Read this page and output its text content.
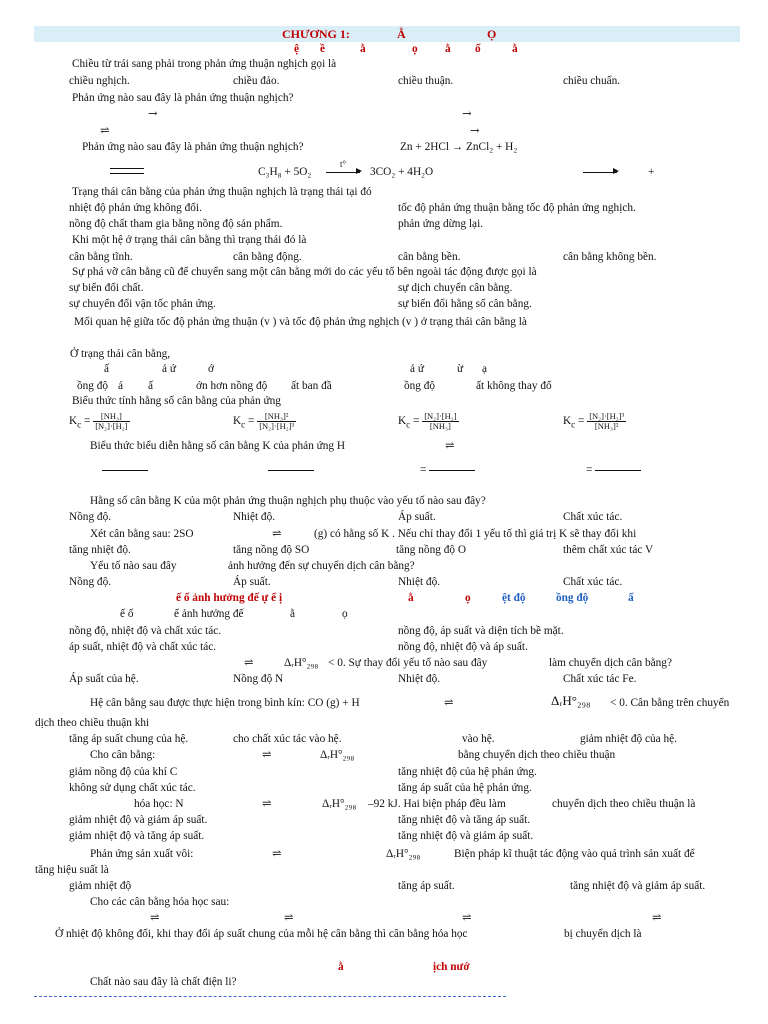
CHƯƠNG 1:	Ằ	Ọ
ệ ề	ằ	ọ ằ ố	ằ
Chiều từ trái sang phải trong phản ứng thuận nghịch gọi là
chiều nghịch.	chiều đảo.	chiều thuận.	chiều chuẩn.
Phản ứng nào sau đây là phản ứng thuận nghịch?
→	→
⇌	→
Phản ứng nào sau đây là phản ứng thuận nghịch?	Zn + 2HCl → ZnCl₂ + H₂
C₃H₈ + 5O₂
t°
→ 3CO₂ + 4H₂O	+
Trạng thái cân bằng của phản ứng thuận nghịch là trạng thái tại đó
nhiệt độ phản ứng không đổi.	tốc độ phản ứng thuận bằng tốc độ phản ứng nghịch.
nồng độ chất tham gia bằng nồng độ sản phẩm.	phản ứng dừng lại.
Khi một hệ ở trạng thái cân bằng thì trạng thái đó là
cân bằng tĩnh.	cân bằng động.	cân bằng bền.	cân bằng không bền.
Sự phá vỡ cân bằng cũ để chuyển sang một cân bằng mới do các yếu tố bên ngoài tác động được gọi là
sự biến đổi chất.	sự dịch chuyển cân bằng.
sự chuyển đổi vận tốc phản ứng.	sự biến đổi hằng số cân bằng.
Mối quan hệ giữa tốc độ phản ứng thuận (v ) và tốc độ phản ứng nghịch (v ) ở trạng thái cân bằng là
Ở trạng thái cân bằng,
ấ	ả ứ	ớ	ả ứ	ừ ạ
ồng độ á ấ	ớn hơn nồng độ ất ban đầ	ồng độ	ất không thay đổ
Biểu thức tính hằng số cân bằng của phản ứng
$K_c = \frac{\text{[NH₃]}}{\text{[N₂]·[H₂]}}$	$K_c = \frac{\text{[NH₃]²}}{\text{[N₂]·[H₂]³}}$	$K_c = \frac{\text{[N₂]·[H₂]}}{\text{[NH₃]}}$	$K_c = \frac{\text{[N₂]·[H₂]³}}{\text{[NH₃]²}}$
Biểu thức biểu diễn hằng số cân bằng K của phản ứng H	⇌
=	=
Hằng số cân bằng K của một phản ứng thuận nghịch phụ thuộc vào yếu tố nào sau đây?
Nồng độ.	Nhiệt độ.	Áp suất.	Chất xúc tác.
Xét cân bằng sau: 2SO	⇌	(g) có hằng số K . Nếu chỉ thay đổi 1 yếu tố thì giá trị K sẽ thay đổi khi
tăng nhiệt độ.	tăng nồng độ SO	tăng nồng độ O	thêm chất xúc tác V
Yếu tố nào sau đây	ảnh hưởng đến sự chuyển dịch cân bằng?
Nồng độ.	Áp suất.	Nhiệt độ.	Chất xúc tác.
ế ố ảnh hưởng đế ự ể ị	ằ	ọ	ệt độ	ồng độ	ấ
ế ố	ể ảnh hưởng đế	ằ	ọ
nồng độ, nhiệt độ và chất xúc tác.	nồng độ, áp suất và diện tích bề mặt.
áp suất, nhiệt độ và chất xúc tác.	nồng độ, nhiệt độ và áp suất.
⇌	ΔᵣH°₂₉₈ < 0. Sự thay đổi yếu tố nào sau đây	làm chuyển dịch cân bằng?
Áp suất của hệ.	Nồng độ N	Nhiệt độ.	Chất xúc tác Fe.
Hệ cân bằng sau được thực hiện trong bình kín: CO (g) + H	⇌	ΔᵣH°₂₉₈ < 0. Cân bằng trên chuyển
dịch theo chiều thuận khi
tăng áp suất chung của hệ.	cho chất xúc tác vào hệ.	vào hệ.	giảm nhiệt độ của hệ.
Cho cân bằng:	⇌	ΔᵣH°₂₉₈	bằng chuyển dịch theo chiều thuận
giảm nồng độ của khí C	tăng nhiệt độ của hệ phản ứng.
không sử dụng chất xúc tác.	tăng áp suất của hệ phản ứng.
hóa học: N	⇌	ΔᵣH°₂₉₈ –92 kJ. Hai biện pháp đều làm	chuyển dịch theo chiều thuận là
giảm nhiệt độ và giảm áp suất.	tăng nhiệt độ và tăng áp suất.
giảm nhiệt độ và tăng áp suất.	tăng nhiệt độ và giảm áp suất.
Phản ứng sản xuất vôi:	⇌	ΔᵣH°₂₉₈	Biện pháp kĩ thuật tác động vào quá trình sản xuất để
tăng hiệu suất là
giảm nhiệt độ	tăng áp suất.	tăng nhiệt độ và giảm áp suất.
Cho các cân bằng hóa học sau:
⇌	⇌	⇌	⇌
Ở nhiệt độ không đổi, khi thay đổi áp suất chung của mỗi hệ cân bằng thì cân bằng hóa học	bị chuyển dịch là
ằ	ịch nướ
Chất nào sau đây là chất điện li?
